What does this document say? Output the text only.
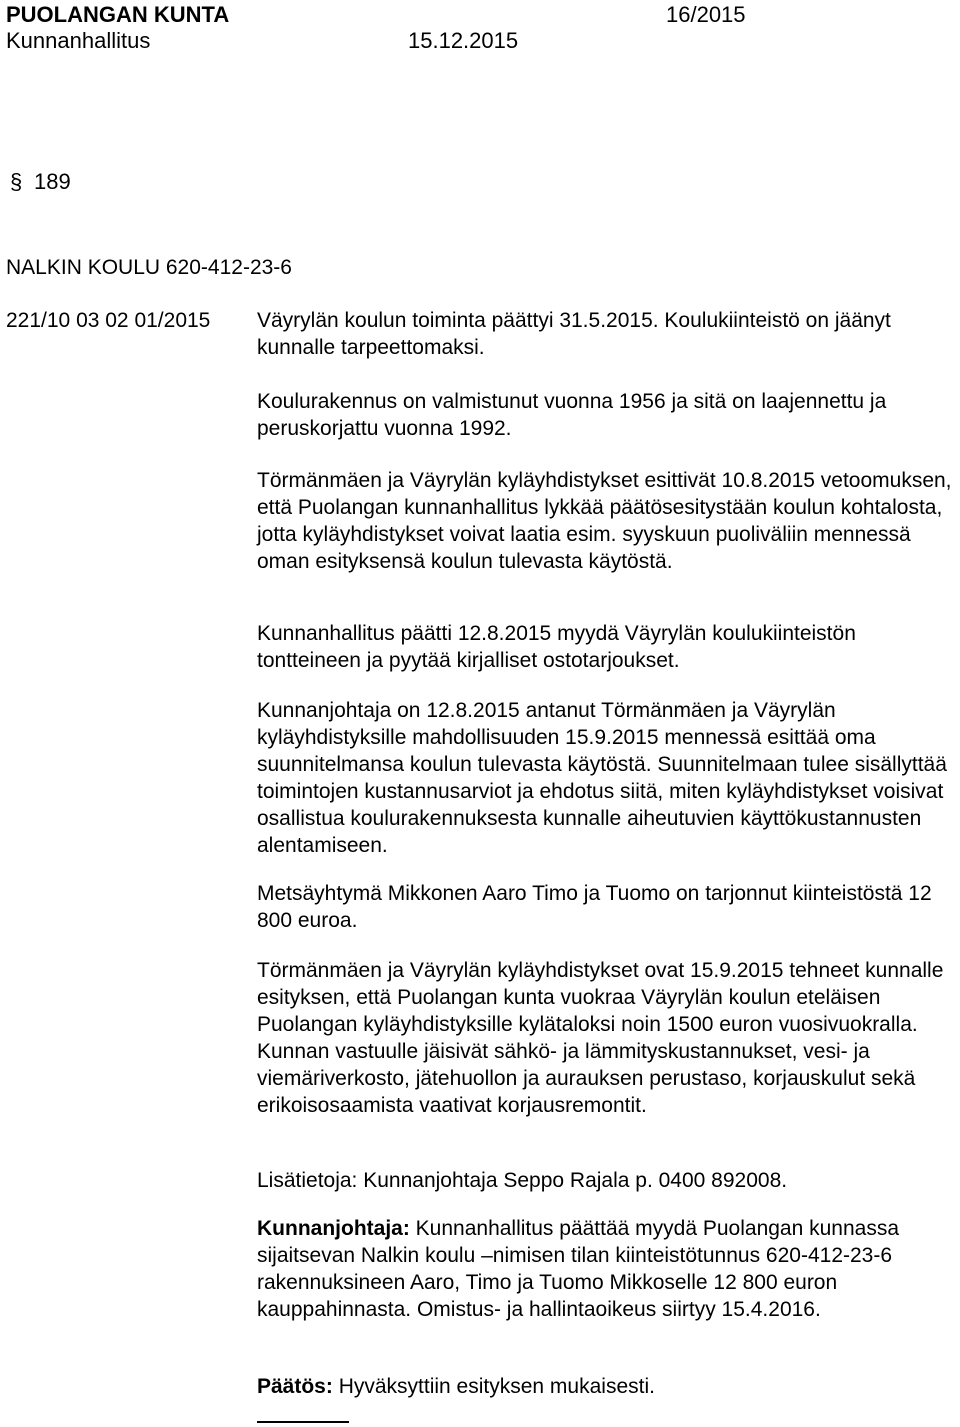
PUOLANGAN KUNTA	16/2015
Kunnanhallitus	15.12.2015
§ 189
NALKIN KOULU 620-412-23-6
221/10 03 02 01/2015 Väyrylän koulun toiminta päättyi 31.5.2015. Koulukiinteistö on jäänyt kunnalle tarpeettomaksi.

Koulurakennus on valmistunut vuonna 1956 ja sitä on laajennettu ja peruskorjattu vuonna 1992.

Törmänmäen ja Väyrylän kyläyhdistykset esittivät 10.8.2015 vetoomuksen, että Puolangan kunnanhallitus lykkää päätösesitystään koulun kohtalosta, jotta kyläyhdistykset voivat laatia esim. syyskuun puoliväliin mennessä oman esityksensä koulun tulevasta käytöstä.

Kunnanhallitus päätti 12.8.2015 myydä Väyrylän koulukiinteistön tontteineen ja pyytää kirjalliset ostotarjoukset.

Kunnanjohtaja on 12.8.2015 antanut Törmänmäen ja Väyrylän kyläyhdistyksille mahdollisuuden 15.9.2015 mennessä esittää oma suunnitelmansa koulun tulevasta käytöstä. Suunnitelmaan tulee sisällyttää toimintojen kustannusarviot ja ehdotus siitä, miten kyläyhdistykset voisivat osallistua koulurakennuksesta kunnalle aiheutuvien käyttökustannusten alentamiseen.

Metsäyhtymä Mikkonen Aaro Timo ja Tuomo on tarjonnut kiinteistöstä 12 800 euroa.

Törmänmäen ja Väyrylän kyläyhdistykset ovat 15.9.2015 tehneet kunnalle esityksen, että Puolangan kunta vuokraa Väyrylän koulun eteläisen Puolangan kyläyhdistyksille kylätaloksi noin 1500 euron vuosivuokralla. Kunnan vastuulle jäisivät sähkö- ja lämmityskustannukset, vesi- ja viemäriverkosto, jätehuollon ja aurauksen perustaso, korjauskulut sekä erikoisosaamista vaativat korjausremontit.

Lisätietoja: Kunnanjohtaja Seppo Rajala p. 0400 892008.

Kunnanjohtaja: Kunnanhallitus päättää myydä Puolangan kunnassa sijaitsevan Nalkin koulu –nimisen tilan kiinteistötunnus 620-412-23-6 rakennuksineen Aaro, Timo ja Tuomo Mikkoselle 12 800 euron kauppahinnasta. Omistus- ja hallintaoikeus siirtyy 15.4.2016.

Päätös: Hyväksyttiin esityksen mukaisesti.
